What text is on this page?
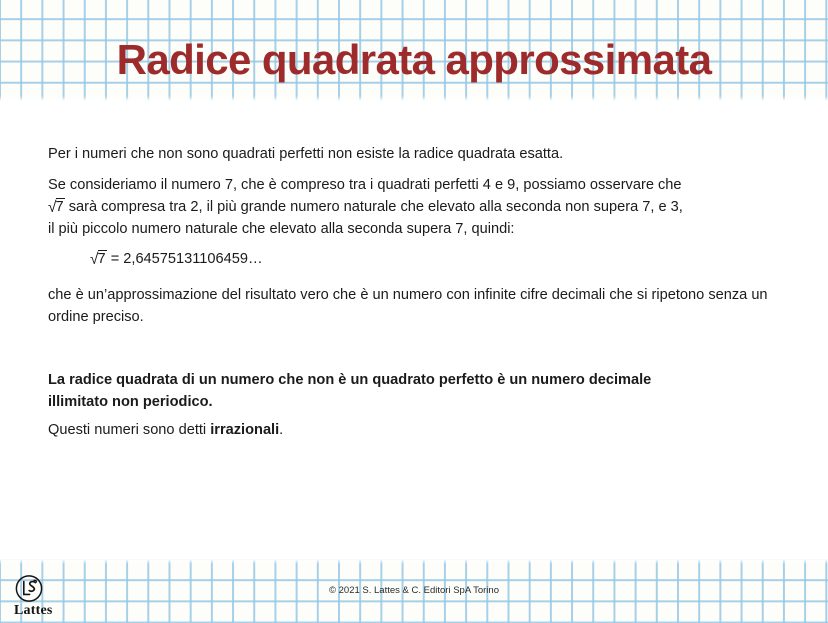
Radice quadrata approssimata

Per i numeri che non sono quadrati perfetti non esiste la radice quadrata esatta.

Se consideriamo il numero 7, che è compreso tra i quadrati perfetti 4 e 9, possiamo osservare che
√7 sarà compresa tra 2, il più grande numero naturale che elevato alla seconda non supera 7, e 3,
il più piccolo numero naturale che elevato alla seconda supera 7, quindi:

√7 = 2,64575131106459…

che è un’approssimazione del risultato vero che è un numero con infinite cifre decimali che si ripetono senza un ordine preciso.

La radice quadrata di un numero che non è un quadrato perfetto è un numero decimale
illimitato non periodico.

Questi numeri sono detti irrazionali.

© 2021 S. Lattes & C. Editori SpA Torino
Lattes
